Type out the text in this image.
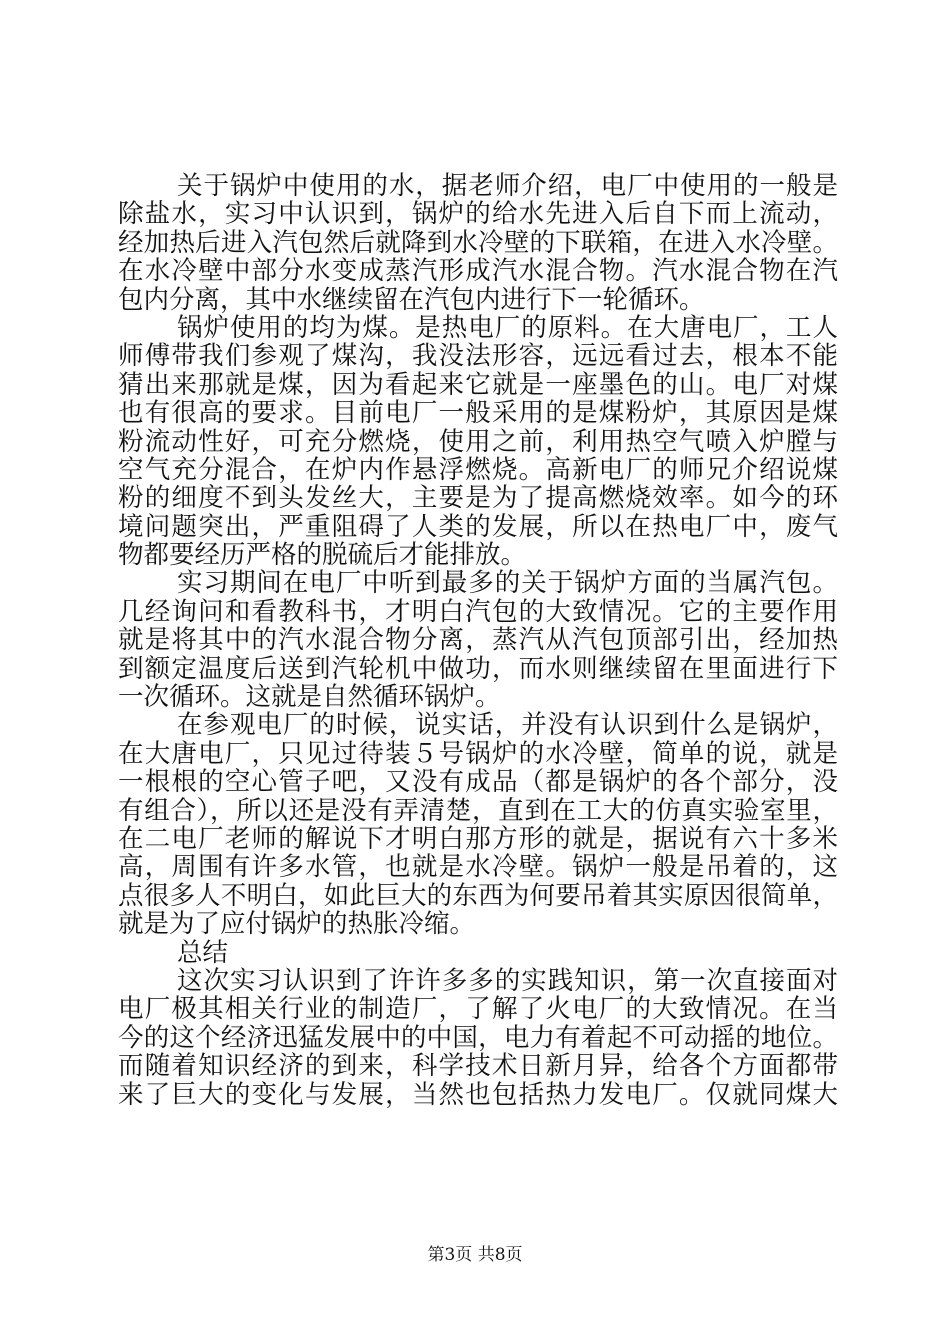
关于锅炉中使用的水，据老师介绍，电厂中使用的一般是
除盐水，实习中认识到，锅炉的给水先进入后自下而上流动，
经加热后进入汽包然后就降到水冷壁的下联箱，在进入水冷壁。
在水冷壁中部分水变成蒸汽形成汽水混合物。汽水混合物在汽
包内分离，其中水继续留在汽包内进行下一轮循环。
锅炉使用的均为煤。是热电厂的原料。在大唐电厂，工人
师傅带我们参观了煤沟，我没法形容，远远看过去，根本不能
猜出来那就是煤，因为看起来它就是一座墨色的山。电厂对煤
也有很高的要求。目前电厂一般采用的是煤粉炉，其原因是煤
粉流动性好，可充分燃烧，使用之前，利用热空气喷入炉膛与
空气充分混合，在炉内作悬浮燃烧。高新电厂的师兄介绍说煤
粉的细度不到头发丝大，主要是为了提高燃烧效率。如今的环
境问题突出，严重阻碍了人类的发展，所以在热电厂中，废气
物都要经历严格的脱硫后才能排放。
实习期间在电厂中听到最多的关于锅炉方面的当属汽包。
几经询问和看教科书，才明白汽包的大致情况。它的主要作用
就是将其中的汽水混合物分离，蒸汽从汽包顶部引出，经加热
到额定温度后送到汽轮机中做功，而水则继续留在里面进行下
一次循环。这就是自然循环锅炉。
在参观电厂的时候，说实话，并没有认识到什么是锅炉，
在大唐电厂，只见过待装５号锅炉的水冷壁，简单的说，就是
一根根的空心管子吧，又没有成品（都是锅炉的各个部分，没
有组合），所以还是没有弄清楚，直到在工大的仿真实验室里，
在二电厂老师的解说下才明白那方形的就是，据说有六十多米
高，周围有许多水管，也就是水冷壁。锅炉一般是吊着的，这
点很多人不明白，如此巨大的东西为何要吊着其实原因很简单，
就是为了应付锅炉的热胀冷缩。
总结
这次实习认识到了许许多多的实践知识，第一次直接面对
电厂极其相关行业的制造厂，了解了火电厂的大致情况。在当
今的这个经济迅猛发展中的中国，电力有着起不可动摇的地位。
而随着知识经济的到来，科学技术日新月异，给各个方面都带
来了巨大的变化与发展，当然也包括热力发电厂。仅就同煤大
第3页 共8页
